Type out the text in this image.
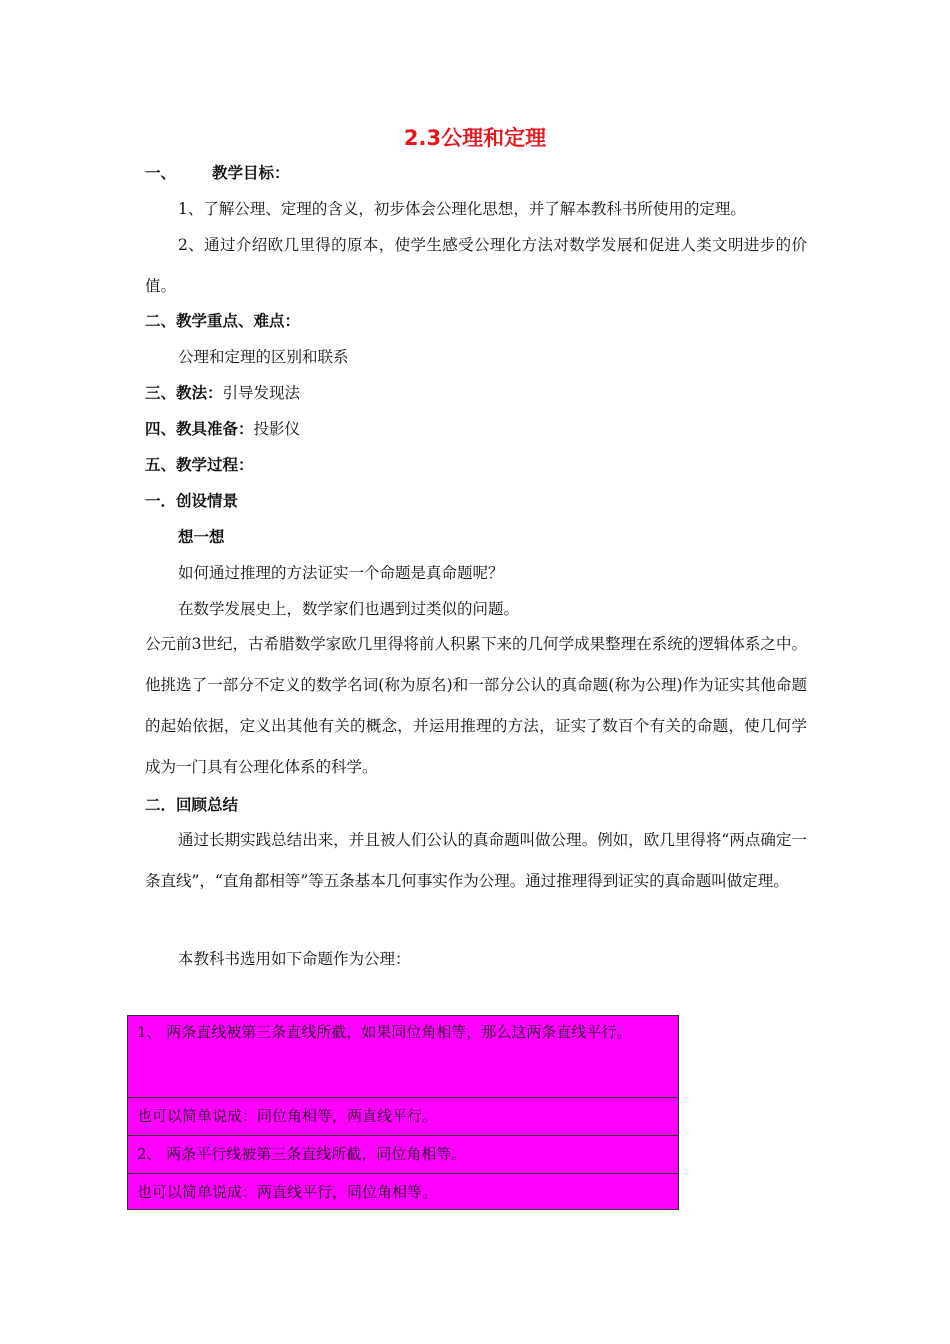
2.3公理和定理
一、 教学目标：
1、了解公理、定理的含义，初步体会公理化思想，并了解本教科书所使用的定理。
2、通过介绍欧几里得的原本，使学生感受公理化方法对数学发展和促进人类文明进步的价值。
二、教学重点、难点：
公理和定理的区别和联系
三、教法：引导发现法
四、教具准备：投影仪
五、教学过程：
一．创设情景
想一想
如何通过推理的方法证实一个命题是真命题呢？
在数学发展史上，数学家们也遇到过类似的问题。
公元前3世纪，古希腊数学家欧几里得将前人积累下来的几何学成果整理在系统的逻辑体系之中。他挑选了一部分不定义的数学名词(称为原名)和一部分公认的真命题(称为公理)作为证实其他命题的起始依据，定义出其他有关的概念，并运用推理的方法，证实了数百个有关的命题，使几何学成为一门具有公理化体系的科学。
二．回顾总结
通过长期实践总结出来，并且被人们公认的真命题叫做公理。例如，欧几里得将“两点确定一条直线”，“直角都相等”等五条基本几何事实作为公理。通过推理得到证实的真命题叫做定理。
本教科书选用如下命题作为公理：
1、 两条直线被第三条直线所截，如果同位角相等，那么这两条直线平行。
也可以简单说成：同位角相等，两直线平行。
2、 两条平行线被第三条直线所截，同位角相等。
也可以简单说成：两直线平行，同位角相等。
